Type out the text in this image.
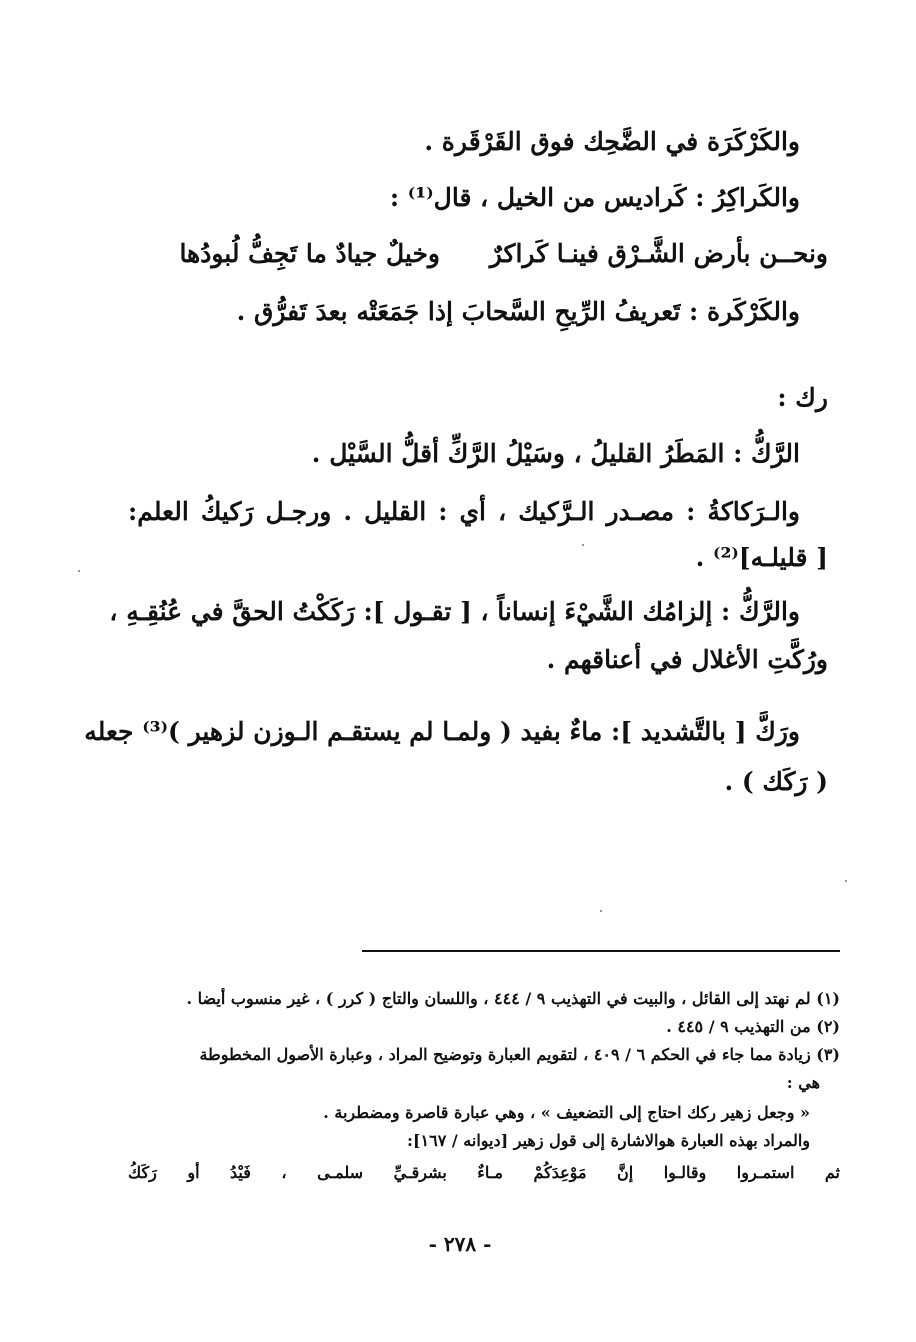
والكَرْكَرَة في الضَّحِك فوق القَرْقَرة .
والكَراكِرُ : كَراديس من الخيل ، قال⁽¹⁾ :
ونحــن بأرض الشَّـرْق فينـا كَراكرٌ
وخيلٌ جيادٌ ما تَجِفُّ لُبودُها
والكَرْكَرة : تَعريفُ الرِّيحِ السَّحابَ إذا جَمَعَتْه بعدَ تَفرُّق .
رك :
الرَّكُّ : المَطَرُ القليلُ ، وسَيْلُ الرَّكِّ أقلُّ السَّيْل .
والـرَكاكةُ : مصـدر الـرَّكيك ، أي : القليل . ورجـل رَكيكُ العلم:
[ قليلـه]⁽²⁾ .
والرَّكُّ : إلزامُك الشَّيْءَ إنساناً ، [ تقـول ]: رَكَكْتُ الحقَّ في عُنُقِـهِ ،
ورُكَّتِ الأغلال في أعناقهم .
ورَكَّ [ بالتَّشديد ]: ماءٌ بفيد ( ولمـا لم يستقـم الـوزن لزهير )⁽³⁾ جعله
( رَكَك ) .
(١) لم نهتد إلى القائل ، والبيت في التهذيب ٩ / ٤٤٤ ، واللسان والتاج ( كرر ) ، غير منسوب أيضا .
(٢) من التهذيب ٩ / ٤٤٥ .
(٣) زيادة مما جاء في الحكم ٦ / ٤٠٩ ، لتقويم العبارة وتوضيح المراد ، وعبارة الأصول المخطوطة
هي :
« وجعل زهير ركك احتاج إلى التضعيف » ، وهي عبارة قاصرة ومضطربة .
والمراد بهذه العبارة هوالاشارة إلى قول زهير [ديوانه / ١٦٧]:
ثم استمـروا وقالـوا إنَّ مَوْعِدَكُمْ مـاءٌ بشرقـيِّ سلمـى ، فَيْدُ أو رَكَكُ
- ٢٧٨ -
